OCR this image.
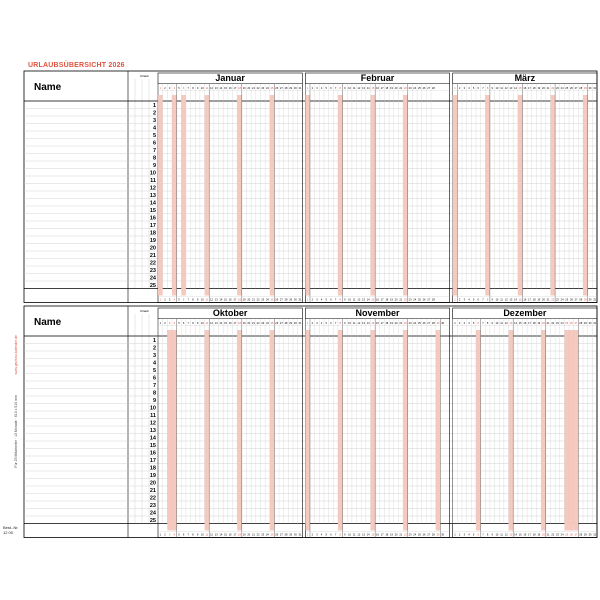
URLAUBSÜBERSICHT 2026
www.gscholz-kalender.de
Für 25 Mitarbeiter · 13 Monate · 610 x 510 mm
Best.-Nr.
12 00
Name
Urlaub
1
2
3
4
5
6
7
8
9
10
11
12
13
14
15
16
17
18
19
20
21
22
23
24
25
Januar
1
1
2
2
3
3
4
4
5
5
6
6
7
7
8
8
9
9
10
10
11
11
12
12
13
13
14
14
15
15
16
16
17
17
18
18
19
19
20
20
21
21
22
22
23
23
24
24
25
25
26
26
27
27
28
28
29
29
30
30
31
31
Februar
1
1
2
2
3
3
4
4
5
5
6
6
7
7
8
8
9
9
10
10
11
11
12
12
13
13
14
14
15
15
16
16
17
17
18
18
19
19
20
20
21
21
22
22
23
23
24
24
25
25
26
26
27
27
28
28
März
1
1
2
2
3
3
4
4
5
5
6
6
7
7
8
8
9
9
10
10
11
11
12
12
13
13
14
14
15
15
16
16
17
17
18
18
19
19
20
20
21
21
22
22
23
23
24
24
25
25
26
26
27
27
28
28
29
29
30
30
31
31
Name
Urlaub
1
2
3
4
5
6
7
8
9
10
11
12
13
14
15
16
17
18
19
20
21
22
23
24
25
Oktober
1
1
2
2
3
3
4
4
5
5
6
6
7
7
8
8
9
9
10
10
11
11
12
12
13
13
14
14
15
15
16
16
17
17
18
18
19
19
20
20
21
21
22
22
23
23
24
24
25
25
26
26
27
27
28
28
29
29
30
30
31
31
November
1
1
2
2
3
3
4
4
5
5
6
6
7
7
8
8
9
9
10
10
11
11
12
12
13
13
14
14
15
15
16
16
17
17
18
18
19
19
20
20
21
21
22
22
23
23
24
24
25
25
26
26
27
27
28
28
29
29
30
30
Dezember
1
1
2
2
3
3
4
4
5
5
6
6
7
7
8
8
9
9
10
10
11
11
12
12
13
13
14
14
15
15
16
16
17
17
18
18
19
19
20
20
21
21
22
22
23
23
24
24
25
25
26
26
27
27
28
28
29
29
30
30
31
31
